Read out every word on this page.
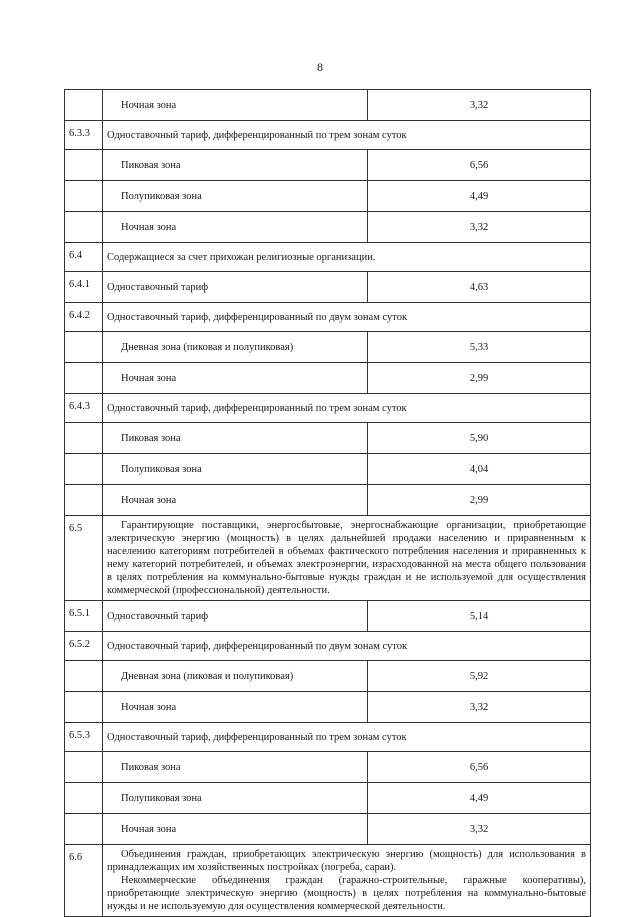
8
	Ночная зона	3,32
6.3.3	Одноставочный тариф, дифференцированный по трем зонам суток	
	Пиковая зона	6,56
	Полупиковая зона	4,49
	Ночная зона	3,32
6.4	Содержащиеся за счет прихожан религиозные организации.	
6.4.1	Одноставочный тариф	4,63
6.4.2	Одноставочный тариф, дифференцированный по двум зонам суток	
	Дневная зона (пиковая и полупиковая)	5,33
	Ночная зона	2,99
6.4.3	Одноставочный тариф, дифференцированный по трем зонам суток	
	Пиковая зона	5,90
	Полупиковая зона	4,04
	Ночная зона	2,99
6.5	Гарантирующие поставщики, энергосбытовые, энергоснабжающие организации, приобретающие электрическую энергию (мощность) в целях дальнейшей продажи населению и приравненным к населению категориям потребителей в объемах фактического потребления населения и приравненных к нему категорий потребителей, и объемах электроэнергии, израсходованной на места общего пользования в целях потребления на коммунально-бытовые нужды граждан и не используемой для осуществления коммерческой (профессиональной) деятельности.	

6.5.1	Одноставочный тариф	5,14
6.5.2	Одноставочный тариф, дифференцированный по двум зонам суток	
	Дневная зона (пиковая и полупиковая)	5,92
	Ночная зона	3,32
6.5.3	Одноставочный тариф, дифференцированный по трем зонам суток	
	Пиковая зона	6,56
	Полупиковая зона	4,49
	Ночная зона	3,32
6.6	Объединения граждан, приобретающих электрическую энергию (мощность) для использования в принадлежащих им хозяйственных постройках (погреба, сараи).
Некоммерческие объединения граждан (гаражно-строительные, гаражные кооперативы), приобретающие электрическую энергию (мощность) в целях потребления на коммунально-бытовые нужды и не используемую для осуществления коммерческой деятельности.	
